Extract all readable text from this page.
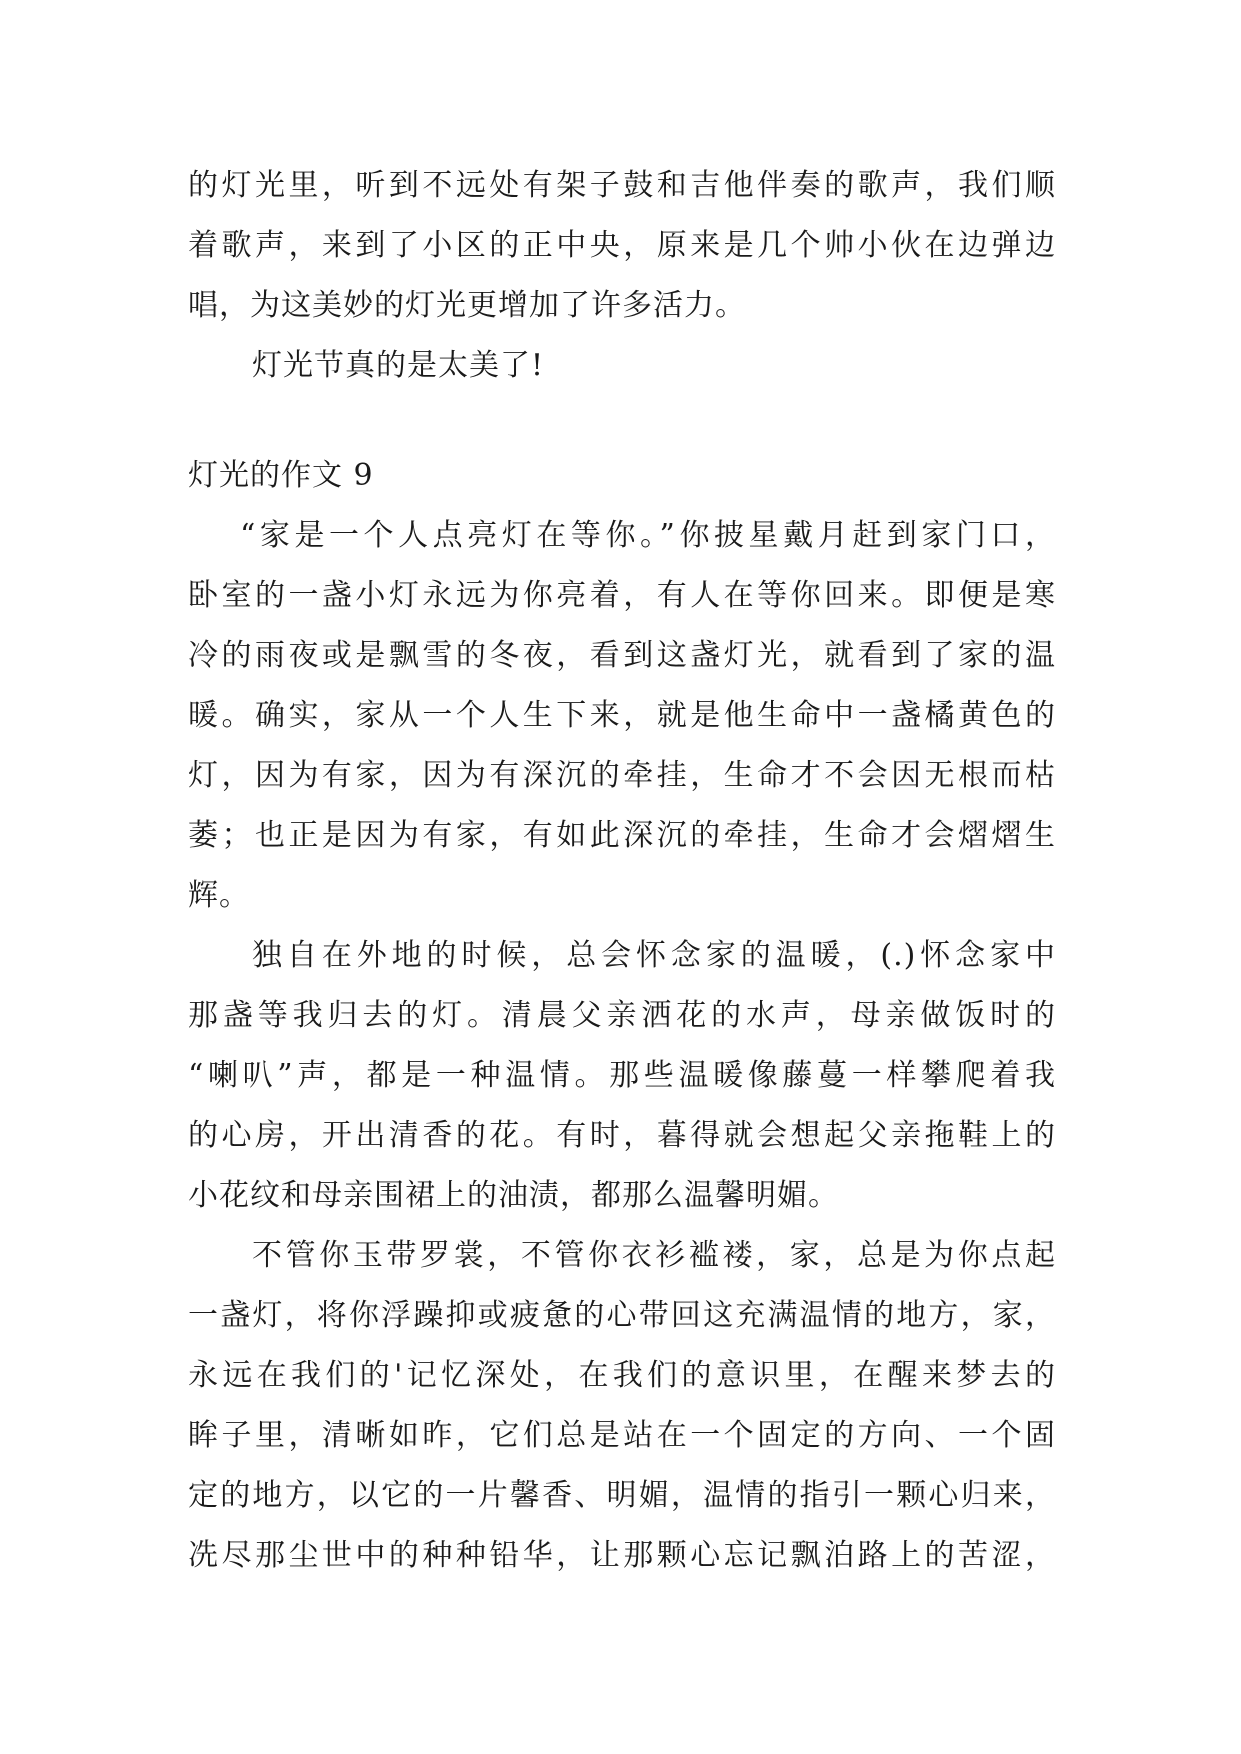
的灯光里，听到不远处有架子鼓和吉他伴奏的歌声，我们顺
着歌声，来到了小区的正中央，原来是几个帅小伙在边弹边
唱，为这美妙的灯光更增加了许多活力。
灯光节真的是太美了!
灯光的作文 9
“家是一个人点亮灯在等你。”你披星戴月赶到家门口，
卧室的一盏小灯永远为你亮着，有人在等你回来。即便是寒
冷的雨夜或是飘雪的冬夜，看到这盏灯光，就看到了家的温
暖。确实，家从一个人生下来，就是他生命中一盏橘黄色的
灯，因为有家，因为有深沉的牵挂，生命才不会因无根而枯
萎；也正是因为有家，有如此深沉的牵挂，生命才会熠熠生
辉。
独自在外地的时候，总会怀念家的温暖，(.)怀念家中
那盏等我归去的灯。清晨父亲洒花的水声，母亲做饭时的
“喇叭”声，都是一种温情。那些温暖像藤蔓一样攀爬着我
的心房，开出清香的花。有时，暮得就会想起父亲拖鞋上的
小花纹和母亲围裙上的油渍，都那么温馨明媚。
不管你玉带罗裳，不管你衣衫褴褛，家，总是为你点起
一盏灯，将你浮躁抑或疲惫的心带回这充满温情的地方，家，
永远在我们的'记忆深处，在我们的意识里，在醒来梦去的
眸子里，清晰如昨，它们总是站在一个固定的方向、一个固
定的地方，以它的一片馨香、明媚，温情的指引一颗心归来，
冼尽那尘世中的种种铅华，让那颗心忘记飘泊路上的苦涩，
